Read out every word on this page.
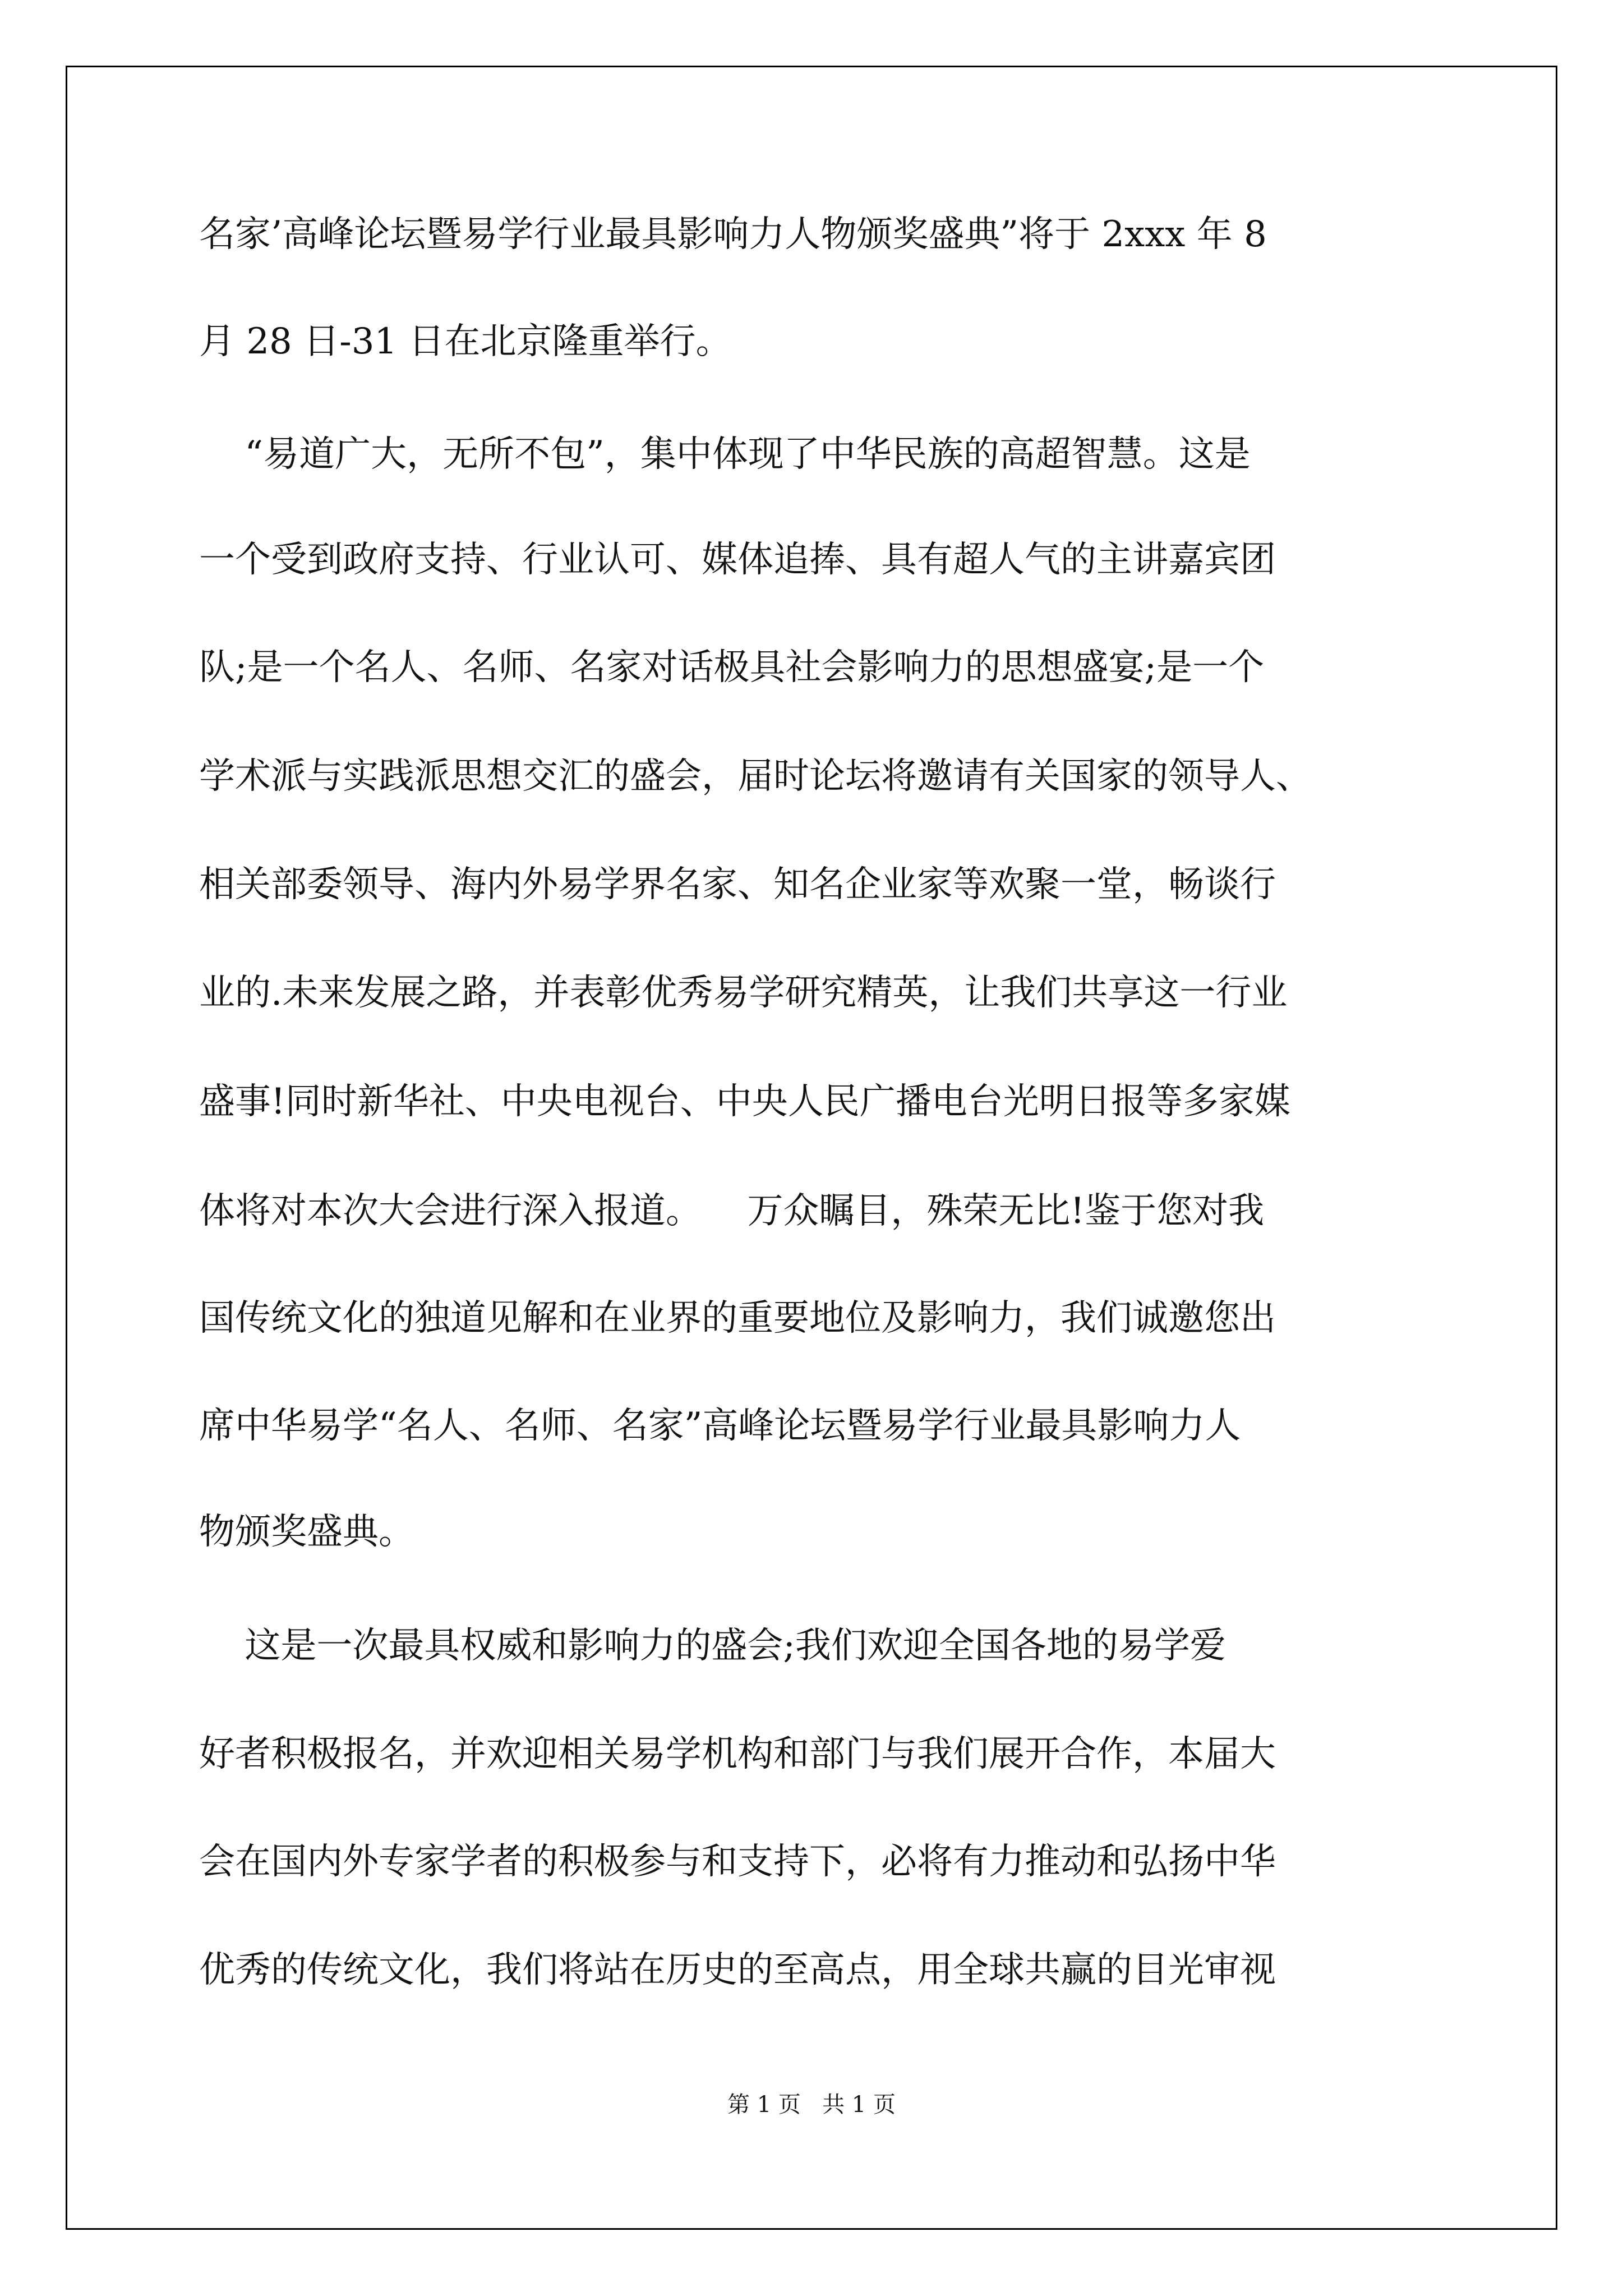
名家’高峰论坛暨易学行业最具影响力人物颁奖盛典”将于 2xxx 年 8
月 28 日-31 日在北京隆重举行。
“易道广大，无所不包”，集中体现了中华民族的高超智慧。这是
一个受到政府支持、行业认可、媒体追捧、具有超人气的主讲嘉宾团
队;是一个名人、名师、名家对话极具社会影响力的思想盛宴;是一个
学术派与实践派思想交汇的盛会，届时论坛将邀请有关国家的领导人、
相关部委领导、海内外易学界名家、知名企业家等欢聚一堂，畅谈行
业的.未来发展之路，并表彰优秀易学研究精英，让我们共享这一行业
盛事!同时新华社、中央电视台、中央人民广播电台光明日报等多家媒
体将对本次大会进行深入报道。    万众瞩目，殊荣无比!鉴于您对我
国传统文化的独道见解和在业界的重要地位及影响力，我们诚邀您出
席中华易学“名人、名师、名家”高峰论坛暨易学行业最具影响力人
物颁奖盛典。
这是一次最具权威和影响力的盛会;我们欢迎全国各地的易学爱
好者积极报名，并欢迎相关易学机构和部门与我们展开合作，本届大
会在国内外专家学者的积极参与和支持下，必将有力推动和弘扬中华
优秀的传统文化，我们将站在历史的至高点，用全球共赢的目光审视
第 1 页   共 1 页
